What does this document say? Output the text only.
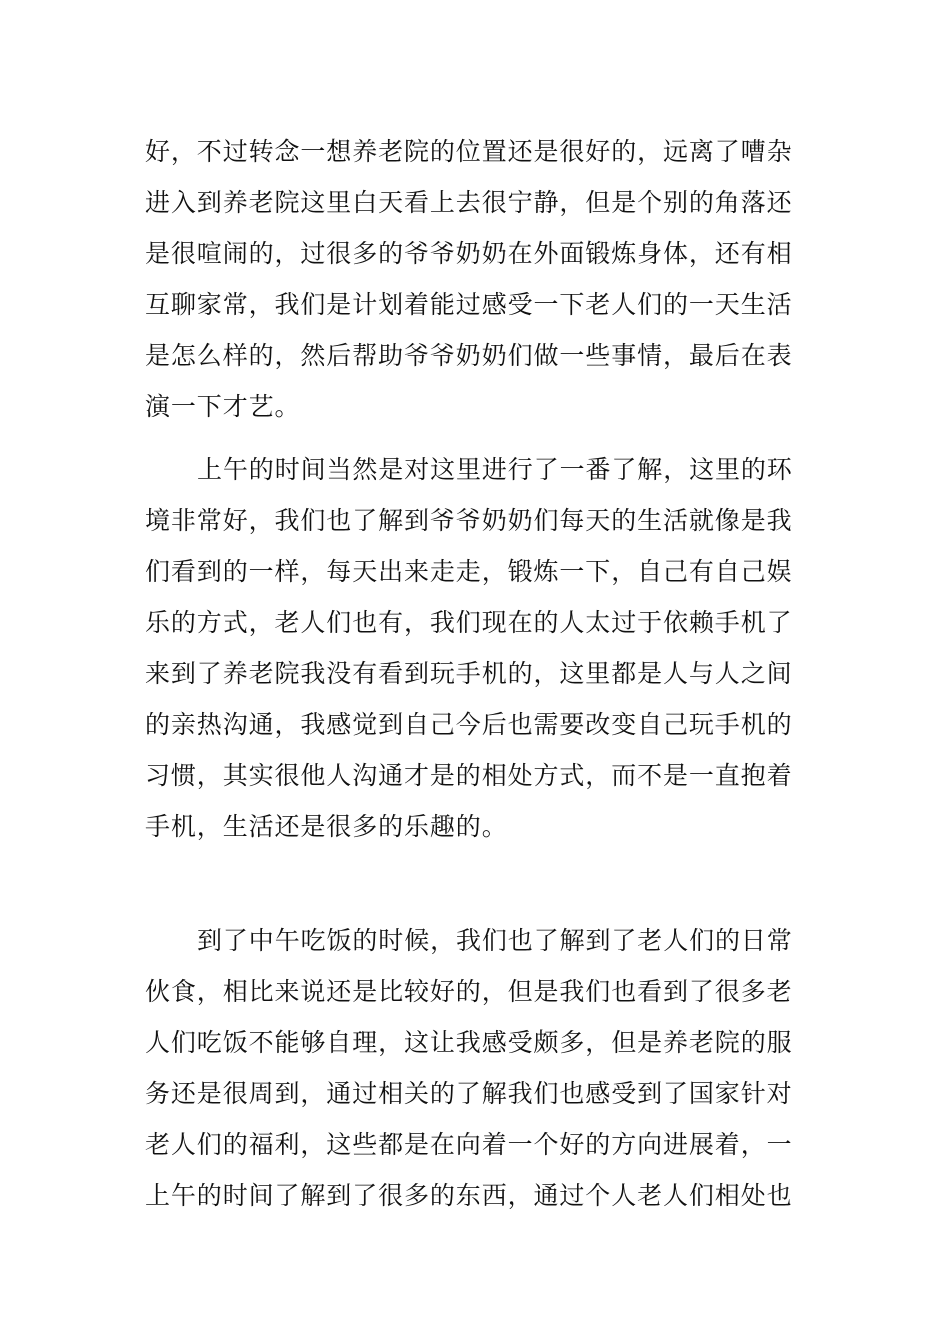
好，不过转念一想养老院的位置还是很好的，远离了嘈杂
进入到养老院这里白天看上去很宁静，但是个别的角落还
是很喧闹的，过很多的爷爷奶奶在外面锻炼身体，还有相
互聊家常，我们是计划着能过感受一下老人们的一天生活
是怎么样的，然后帮助爷爷奶奶们做一些事情，最后在表
演一下才艺。
上午的时间当然是对这里进行了一番了解，这里的环
境非常好，我们也了解到爷爷奶奶们每天的生活就像是我
们看到的一样，每天出来走走，锻炼一下，自己有自己娱
乐的方式，老人们也有，我们现在的人太过于依赖手机了
来到了养老院我没有看到玩手机的，这里都是人与人之间
的亲热沟通，我感觉到自己今后也需要改变自己玩手机的
习惯，其实很他人沟通才是的相处方式，而不是一直抱着
手机，生活还是很多的乐趣的。
到了中午吃饭的时候，我们也了解到了老人们的日常
伙食，相比来说还是比较好的，但是我们也看到了很多老
人们吃饭不能够自理，这让我感受颇多，但是养老院的服
务还是很周到，通过相关的了解我们也感受到了国家针对
老人们的福利，这些都是在向着一个好的方向进展着，一
上午的时间了解到了很多的东西，通过个人老人们相处也
